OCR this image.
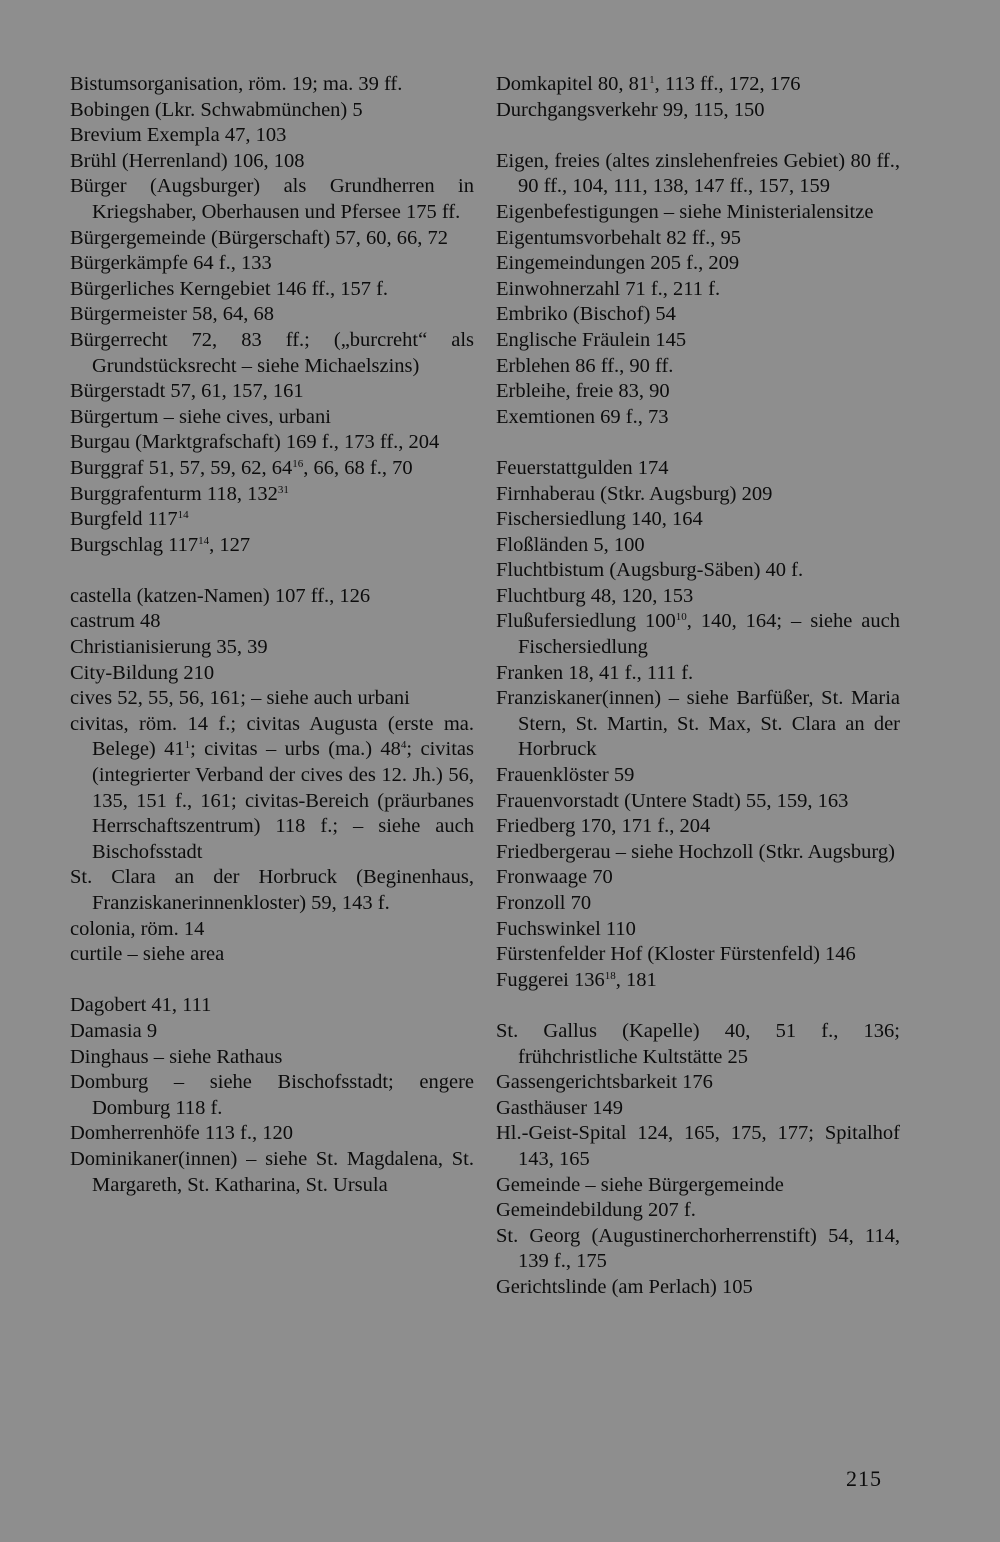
Bistumsorganisation, röm. 19; ma. 39 ff.

Bobingen (Lkr. Schwabmünchen) 5

Brevium Exempla 47, 103

Brühl (Herrenland) 106, 108

Bürger (Augsburger) als Grundherren in Kriegshaber, Oberhausen und Pfersee 175 ff.

Bürgergemeinde (Bürgerschaft) 57, 60, 66, 72

Bürgerkämpfe 64 f., 133

Bürgerliches Kerngebiet 146 ff., 157 f.

Bürgermeister 58, 64, 68

Bürgerrecht 72, 83 ff.; („burcreht“ als Grundstücksrecht – siehe Michaelszins)

Bürgerstadt 57, 61, 157, 161

Bürgertum – siehe cives, urbani

Burgau (Marktgrafschaft) 169 f., 173 ff., 204

Burggraf 51, 57, 59, 62, $64^{16}$, 66, 68 f., 70

Burggrafenturm 118, $132^{31}$

Burgfeld $117^{14}$

Burgschlag $117^{14}$, 127

castella (katzen-Namen) 107 ff., 126

castrum 48

Christianisierung 35, 39

City-Bildung 210

cives 52, 55, 56, 161; – siehe auch urbani

civitas, röm. 14 f.; civitas Augusta (erste ma. Belege) $41^1$; civitas – urbs (ma.) $48^4$; civitas (integrierter Verband der cives des 12. Jh.) 56, 135, 151 f., 161; civitas-Bereich (präurbanes Herrschaftszentrum) 118 f.; – siehe auch Bischofsstadt

St. Clara an der Horbruck (Beginenhaus, Franziskanerinnenkloster) 59, 143 f.

colonia, röm. 14

curtile – siehe area

Dagobert 41, 111

Damasia 9

Dinghaus – siehe Rathaus

Domburg – siehe Bischofsstadt; engere Domburg 118 f.

Domherrenhöfe 113 f., 120

Dominikaner(innen) – siehe St. Magdalena, St. Margareth, St. Katharina, St. Ursula

Domkapitel 80, $81^1$, 113 ff., 172, 176

Durchgangsverkehr 99, 115, 150

Eigen, freies (altes zinslehenfreies Gebiet) 80 ff., 90 ff., 104, 111, 138, 147 ff., 157, 159

Eigenbefestigungen – siehe Ministerialensitze

Eigentumsvorbehalt 82 ff., 95

Eingemeindungen 205 f., 209

Einwohnerzahl 71 f., 211 f.

Embriko (Bischof) 54

Englische Fräulein 145

Erblehen 86 ff., 90 ff.

Erbleihe, freie 83, 90

Exemtionen 69 f., 73

Feuerstattgulden 174

Firnhaberau (Stkr. Augsburg) 209

Fischersiedlung 140, 164

Floßländen 5, 100

Fluchtbistum (Augsburg-Säben) 40 f.

Fluchtburg 48, 120, 153

Flußufersiedlung $100^{10}$, 140, 164; – siehe auch Fischersiedlung

Franken 18, 41 f., 111 f.

Franziskaner(innen) – siehe Barfüßer, St. Maria Stern, St. Martin, St. Max, St. Clara an der Horbruck

Frauenklöster 59

Frauenvorstadt (Untere Stadt) 55, 159, 163

Friedberg 170, 171 f., 204

Friedbergerau – siehe Hochzoll (Stkr. Augsburg)

Fronwaage 70

Fronzoll 70

Fuchswinkel 110

Fürstenfelder Hof (Kloster Fürstenfeld) 146

Fuggerei $136^{18}$, 181

St. Gallus (Kapelle) 40, 51 f., 136; frühchristliche Kultstätte 25

Gassengerichtsbarkeit 176

Gasthäuser 149

Hl.-Geist-Spital 124, 165, 175, 177; Spitalhof 143, 165

Gemeinde – siehe Bürgergemeinde

Gemeindebildung 207 f.

St. Georg (Augustinerchorherrenstift) 54, 114, 139 f., 175

Gerichtslinde (am Perlach) 105

215
